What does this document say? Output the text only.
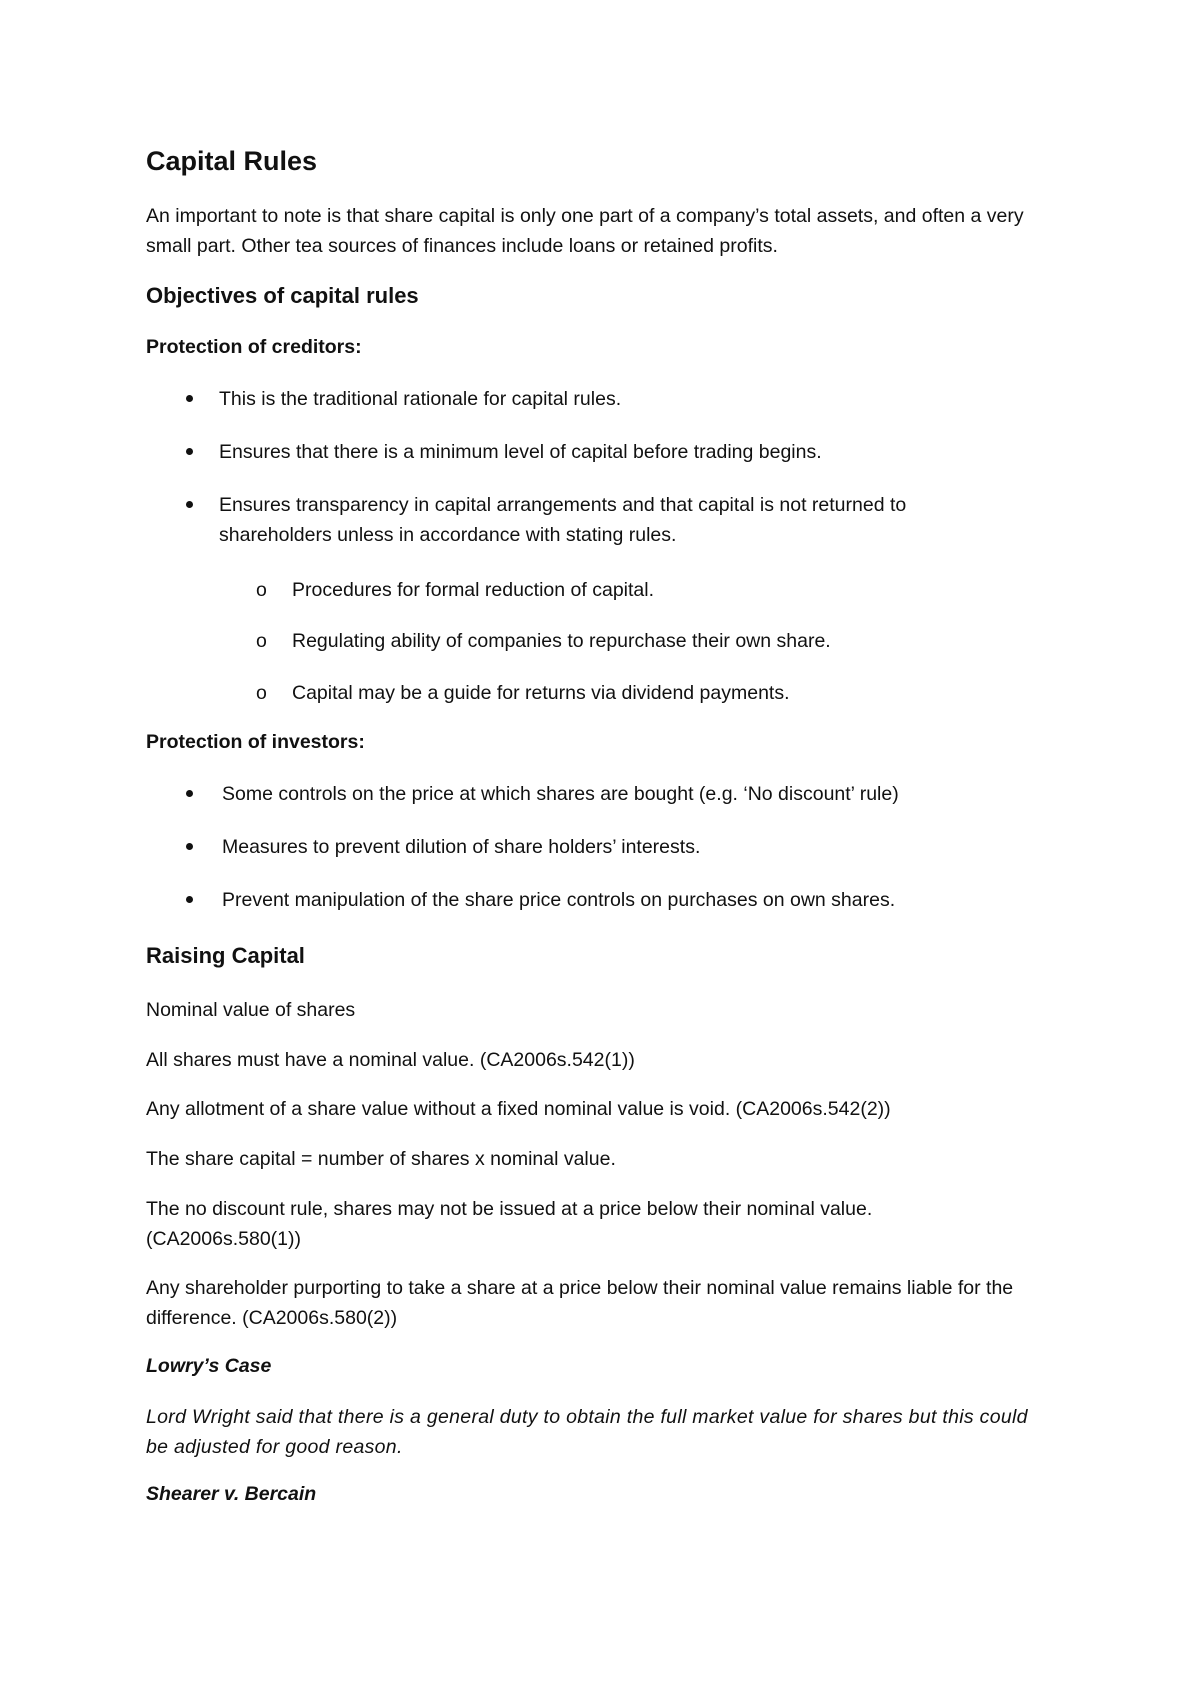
Capital Rules
An important to note is that share capital is only one part of a company’s total assets, and often a very small part. Other tea sources of finances include loans or retained profits.
Objectives of capital rules
Protection of creditors:
This is the traditional rationale for capital rules.
Ensures that there is a minimum level of capital before trading begins.
Ensures transparency in capital arrangements and that capital is not returned to shareholders unless in accordance with stating rules.
o Procedures for formal reduction of capital.
o Regulating ability of companies to repurchase their own share.
o Capital may be a guide for returns via dividend payments.
Protection of investors:
Some controls on the price at which shares are bought (e.g. ‘No discount’ rule)
Measures to prevent dilution of share holders’ interests.
Prevent manipulation of the share price controls on purchases on own shares.
Raising Capital
Nominal value of shares
All shares must have a nominal value. (CA2006s.542(1))
Any allotment of a share value without a fixed nominal value is void. (CA2006s.542(2))
The share capital = number of shares x nominal value.
The no discount rule, shares may not be issued at a price below their nominal value. (CA2006s.580(1))
Any shareholder purporting to take a share at a price below their nominal value remains liable for the difference. (CA2006s.580(2))
Lowry’s Case
Lord Wright said that there is a general duty to obtain the full market value for shares but this could be adjusted for good reason.
Shearer v. Bercain
